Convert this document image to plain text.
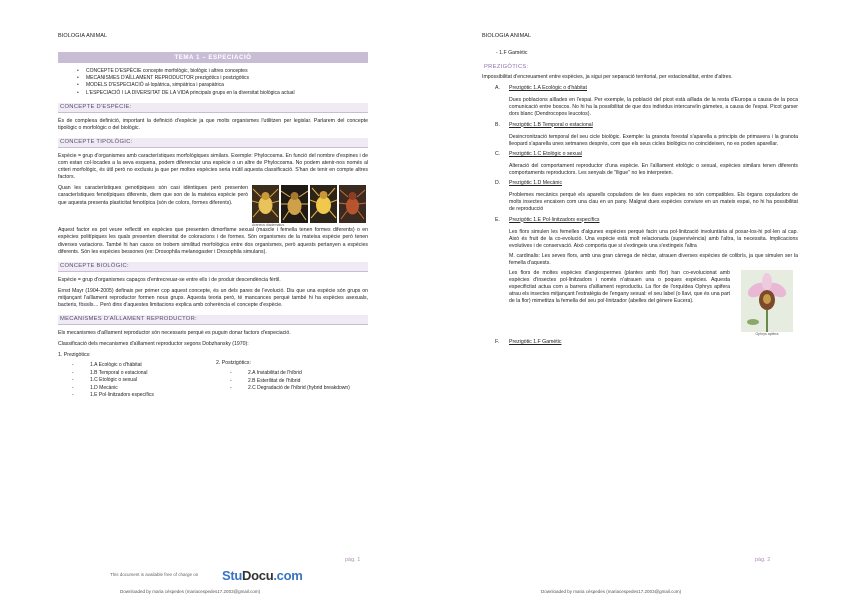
BIOLOGIA ANIMAL
TEMA 1 – ESPECIACIÓ
• CONCEPTE D'ESPÈCIE concepte morfològic, biològic i altres conceptes
• MECANISMES D'AÏLLAMENT REPRODUCTOR prezigòtics i postzigòtics
• MODELS D'ESPECIACIÓ al·lopàtrica, simpàtrica i parapàtrica
• L'ESPECIACIÓ I LA DIVERSITAT DE LA VIDA principals grups en la diversitat biològica actual
CONCEPTE D'ESPÈCIE:

És de complexa definició, important la definició d'espècie ja que molts organismes l'utilitzen per legislar. Parlarem del concepte tipològic o morfològic o del biològic.

CONCEPTE TIPOLÒGIC:

Espècie = grup d'organismes amb característiques morfològiques similars. Exemple: Phylocosma. En funció del nombre d'espines i de com estan col·locades a la seva esquena, podem diferenciar una espècie o un altre de Phylocosma. No podem atenir-nos només al criteri morfològic, és útil però no exclusiu ja que per moltes espècies seria inútil aquesta classificació. S'han de tenir en compte altres factors.

Quan les característiques genotípiques són casi idèntiques però presenten característiques fenotípiques diferents, diem que son de la mateixa espècie però que aquesta presenta plasticitat fenotípica (són de colors, formes diferents).

Araneus diadematus

Aquest factor es pot veure reflectit en espècies que presenten dimorfisme sexual (mascle i femella tenen formes diferents) o en espècies politípiques les quals presenten diversitat de coloracions i de formes. Són organismes de la mateixa espècie però tenen diverses variacions. També hi han casos on trobem similitud morfològica entre dos organismes, però aquests pertanyen a espècies diferents. Són les espècies bessones (ex: Drosophila melanogaster i Drosophila simulans).

CONCEPTE BIOLÒGIC:

Espècie = grup d'organismes capaços d'entrecreuar-se entre ells i de produir descendència fèrtil.

Ernst Mayr (1904-2005) definaix per primer cop aquest concepte, és un dels pares de l'evolució. Diu que una espècie són grups on mitjançant l'aïllament reproductor formen nous grups. Aquesta teoria però, té mancances perquè també hi ha espècies asexuals, bacteris, fòssils… Però dins d'aquestes limitacions explica amb coherència el concepte d'espècie.

MECANISMES D'AÏLLAMENT REPRODUCTOR:

Els mecanismes d'aïllament reproductor són necessaris perquè es puguin donar factors d'especiació.

Classificació dels mecanismes d'aïllament reproductor segons Dobzhansky (1970):

1. Prezigòtics:
- 1.A Ecològic o d'hàbitat
- 1.B Temporal o estacional
- 1.C Etològic o sexual
- 1.D Mecànic
- 1.E Pol·linitzadors específics
2. Postzigòtics:
- 2.A Inviabilitat de l'híbrid
- 2.B Esterilitat de l'híbrid
- 2.C Degradació de l'híbrid (hybrid breakdown)
pàg. 1
This document is available free of charge on StuDocu.com
Downloaded by maria céspedes (mariacespedes17.2003@gmail.com)
BIOLOGIA ANIMAL
- 1.F Gamètic
PREZIGÒTICS:

Impossibilitat d'encreuament entre espècies, ja sigui per separació territorial, per estacionalitat, entre d'altres.

A. Prezigòtic 1.A Ecològic o d'hàbitat

Dues poblacions aïllades en l'espai. Per exemple, la població del picot està aïllada de la resta d'Europa a causa de la poca comunicació entre boscos. No hi ha la possibilitat de que dos individus intercanviïn gàmetes, a causa de l'espai. Picot garser dors blanc (Dendrocopos leucotos).

B. Prezigòtic 1.B Temporal o estacional

Desincronització temporal del seu cicle biològic. Exemple: la granota forestal s'aparella a principis de primavera i la granota lleopard s'aparella unes setmanes després, com que els seus cicles biològics no coincideixen, no es poden aparellar.

C. Prezigòtic 1.C Etològic o sexual

Alteració del comportament reproductor d'una espècie. En l'aïllament etològic o sexual, espècies similars tenen diferents comportaments reproductors. Les senyals de "lligue" no les interpreten.

D. Prezigòtic 1.D Mecànic

Problemes mecànics perquè els aparells copuladors de les dues espècies no són compatibles. Els òrgans copuladors de molts insectes encaixen com una clau en un pany. Malgrat dues espècies conviure en un mateix espai, no hi ha possibilitat de reproducció

E. Prezigòtic 1.E Pol·linitzadors específics

Les flors simulen les femelles d'algunes espècies perquè facin una pol·linització involuntària al posar-los-hi pol·len al cap. Això és fruit de la co-evolució. Una espècie està molt relacionada (supervivència) amb l'altra, la necessita. Implicacions evolutives i de conservació. Això comporta que si s'extingeix una s'extingeix l'altra

M. cardinalis: Les seves flors, amb una gran càrrega de nèctar, atrauen diverses espècies de colibrís, ja que simulen ser la femella d'aquests.

Les flors de moltes espècies d'angiospermes (plantes amb flor) han co-evolucionat amb espècies d'insectes pol·linitzadors i només n'atrauen una o poques espècies. Aquesta especificitat actua com a barrera d'aïllament reproductiu. La flor de l'orquídea Ophrys apifera atrau els insectes mitjançant l'estratègia de l'engany sexual: el seu label (o llavi, que és una part de la flor) mimetitza la femella del seu pol·linitzador (abelles del gènere Eucera).

Ophrys apifera
F. Prezigòtic 1.F Gamètic
pàg. 2
Downloaded by maria céspedes (mariacespedes17.2003@gmail.com)
